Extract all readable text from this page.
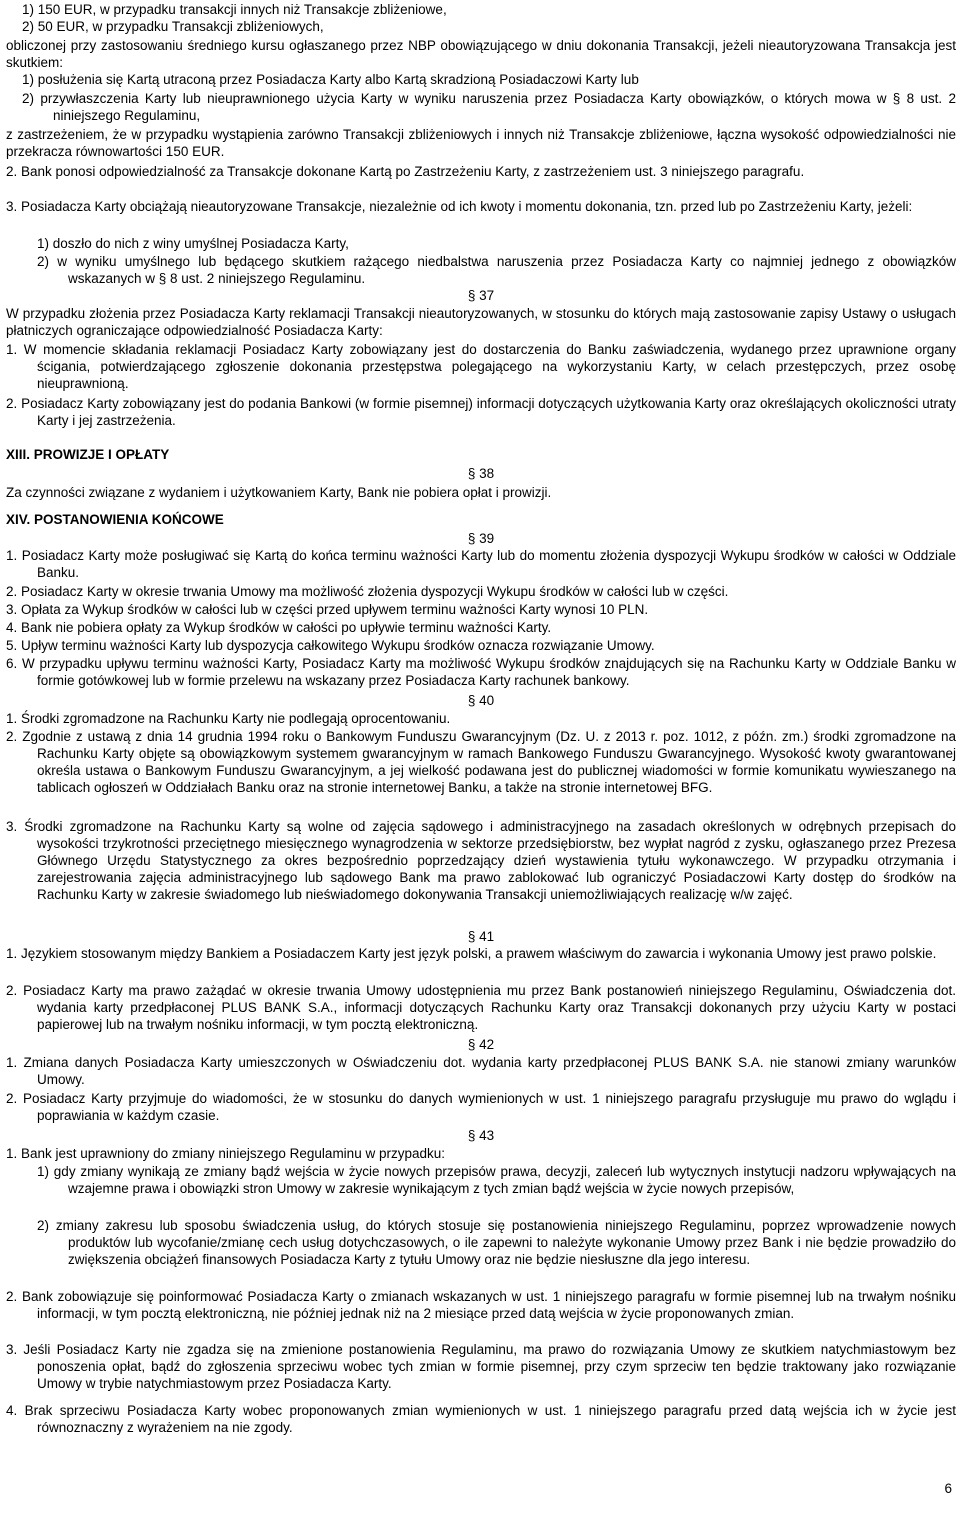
1) 150 EUR, w przypadku transakcji innych niż Transakcje zbliżeniowe,
2) 50 EUR, w przypadku Transakcji zbliżeniowych,
obliczonej przy zastosowaniu średniego kursu ogłaszanego przez NBP obowiązującego w dniu dokonania Transakcji, jeżeli nieautoryzowana Transakcja jest skutkiem:
1) posłużenia się Kartą utraconą przez Posiadacza Karty albo Kartą skradzioną Posiadaczowi Karty lub
2) przywłaszczenia Karty lub nieuprawnionego użycia Karty w wyniku naruszenia przez Posiadacza Karty obowiązków, o których mowa w § 8 ust. 2 niniejszego Regulaminu,
z zastrzeżeniem, że w przypadku wystąpienia zarówno Transakcji zbliżeniowych i innych niż Transakcje zbliżeniowe, łączna wysokość odpowiedzialności nie przekracza równowartości 150 EUR.
2. Bank ponosi odpowiedzialność za Transakcje dokonane Kartą po Zastrzeżeniu Karty, z zastrzeżeniem ust. 3 niniejszego paragrafu.
3. Posiadacza Karty obciążają nieautoryzowane Transakcje, niezależnie od ich kwoty i momentu dokonania, tzn. przed lub po Zastrzeżeniu Karty, jeżeli:
1) doszło do nich z winy umyślnej Posiadacza Karty,
2) w wyniku umyślnego lub będącego skutkiem rażącego niedbalstwa naruszenia przez Posiadacza Karty co najmniej jednego z obowiązków wskazanych w § 8 ust. 2 niniejszego Regulaminu.
§ 37
W przypadku złożenia przez Posiadacza Karty reklamacji Transakcji nieautoryzowanych, w stosunku do których mają zastosowanie zapisy Ustawy o usługach płatniczych ograniczające odpowiedzialność Posiadacza Karty:
1. W momencie składania reklamacji Posiadacz Karty zobowiązany jest do dostarczenia do Banku zaświadczenia, wydanego przez uprawnione organy ścigania, potwierdzającego zgłoszenie dokonania przestępstwa polegającego na wykorzystaniu Karty, w celach przestępczych, przez osobę nieuprawnioną.
2. Posiadacz Karty zobowiązany jest do podania Bankowi (w formie pisemnej) informacji dotyczących użytkowania Karty oraz określających okoliczności utraty Karty i jej zastrzeżenia.
XIII. PROWIZJE I OPŁATY
§ 38
Za czynności związane z wydaniem i użytkowaniem Karty, Bank nie pobiera opłat i prowizji.
XIV. POSTANOWIENIA KOŃCOWE
§ 39
1. Posiadacz Karty może posługiwać się Kartą do końca terminu ważności Karty lub do momentu złożenia dyspozycji Wykupu środków w całości w Oddziale Banku.
2. Posiadacz Karty w okresie trwania Umowy ma możliwość złożenia dyspozycji Wykupu środków w całości lub w części.
3. Opłata za Wykup środków w całości lub w części przed upływem terminu ważności Karty wynosi 10 PLN.
4. Bank nie pobiera opłaty za Wykup środków w całości po upływie terminu ważności Karty.
5. Upływ terminu ważności Karty lub dyspozycja całkowitego Wykupu środków oznacza rozwiązanie Umowy.
6. W przypadku upływu terminu ważności Karty, Posiadacz Karty ma możliwość Wykupu środków znajdujących się na Rachunku Karty w Oddziale Banku w formie gotówkowej lub w formie przelewu na wskazany przez Posiadacza Karty rachunek bankowy.
§ 40
1. Środki zgromadzone na Rachunku Karty nie podlegają oprocentowaniu.
2. Zgodnie z ustawą z dnia 14 grudnia 1994 roku o Bankowym Funduszu Gwarancyjnym (Dz. U. z 2013 r. poz. 1012, z późn. zm.) środki zgromadzone na Rachunku Karty objęte są obowiązkowym systemem gwarancyjnym w ramach Bankowego Funduszu Gwarancyjnego. Wysokość kwoty gwarantowanej określa ustawa o Bankowym Funduszu Gwarancyjnym, a jej wielkość podawana jest do publicznej wiadomości w formie komunikatu wywieszanego na tablicach ogłoszeń w Oddziałach Banku oraz na stronie internetowej Banku, a także na stronie internetowej BFG.
3. Środki zgromadzone na Rachunku Karty są wolne od zajęcia sądowego i administracyjnego na zasadach określonych w odrębnych przepisach do wysokości trzykrotności przeciętnego miesięcznego wynagrodzenia w sektorze przedsiębiorstw, bez wypłat nagród z zysku, ogłaszanego przez Prezesa Głównego Urzędu Statystycznego za okres bezpośrednio poprzedzający dzień wystawienia tytułu wykonawczego. W przypadku otrzymania i zarejestrowania zajęcia administracyjnego lub sądowego Bank ma prawo zablokować lub ograniczyć Posiadaczowi Karty dostęp do środków na Rachunku Karty w zakresie świadomego lub nieświadomego dokonywania Transakcji uniemożliwiających realizację w/w zajęć.
§ 41
1. Językiem stosowanym między Bankiem a Posiadaczem Karty jest język polski, a prawem właściwym do zawarcia i wykonania Umowy jest prawo polskie.
2. Posiadacz Karty ma prawo zażądać w okresie trwania Umowy udostępnienia mu przez Bank postanowień niniejszego Regulaminu, Oświadczenia dot. wydania karty przedpłaconej PLUS BANK S.A., informacji dotyczących Rachunku Karty oraz Transakcji dokonanych przy użyciu Karty w postaci papierowej lub na trwałym nośniku informacji, w tym pocztą elektroniczną.
§ 42
1. Zmiana danych Posiadacza Karty umieszczonych w Oświadczeniu dot. wydania karty przedpłaconej PLUS BANK S.A. nie stanowi zmiany warunków Umowy.
2. Posiadacz Karty przyjmuje do wiadomości, że w stosunku do danych wymienionych w ust. 1 niniejszego paragrafu przysługuje mu prawo do wglądu i poprawiania w każdym czasie.
§ 43
1. Bank jest uprawniony do zmiany niniejszego Regulaminu w przypadku:
1) gdy zmiany wynikają ze zmiany bądź wejścia w życie nowych przepisów prawa, decyzji, zaleceń lub wytycznych instytucji nadzoru wpływających na wzajemne prawa i obowiązki stron Umowy w zakresie wynikającym z tych zmian bądź wejścia w życie nowych przepisów,
2) zmiany zakresu lub sposobu świadczenia usług, do których stosuje się postanowienia niniejszego Regulaminu, poprzez wprowadzenie nowych produktów lub wycofanie/zmianę cech usług dotychczasowych, o ile zapewni to należyte wykonanie Umowy przez Bank i nie będzie prowadziło do zwiększenia obciążeń finansowych Posiadacza Karty z tytułu Umowy oraz nie będzie niesłuszne dla jego interesu.
2. Bank zobowiązuje się poinformować Posiadacza Karty o zmianach wskazanych w ust. 1 niniejszego paragrafu w formie pisemnej lub na trwałym nośniku informacji, w tym pocztą elektroniczną, nie później jednak niż na 2 miesiące przed datą wejścia w życie proponowanych zmian.
3. Jeśli Posiadacz Karty nie zgadza się na zmienione postanowienia Regulaminu, ma prawo do rozwiązania Umowy ze skutkiem natychmiastowym bez ponoszenia opłat, bądź do zgłoszenia sprzeciwu wobec tych zmian w formie pisemnej, przy czym sprzeciw ten będzie traktowany jako rozwiązanie Umowy w trybie natychmiastowym przez Posiadacza Karty.
4. Brak sprzeciwu Posiadacza Karty wobec proponowanych zmian wymienionych w ust. 1 niniejszego paragrafu przed datą wejścia ich w życie jest równoznaczny z wyrażeniem na nie zgody.
6
